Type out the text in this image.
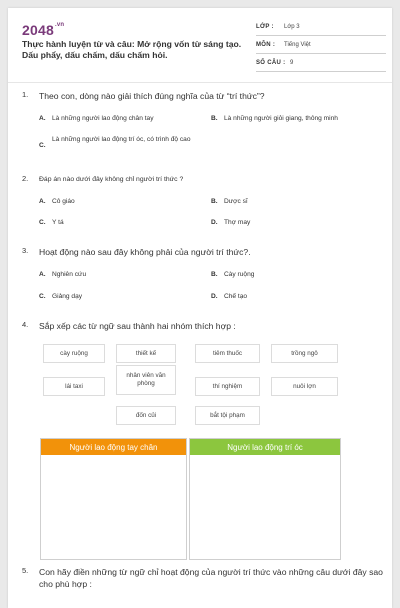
$2048^{.vn}$
Thực hành luyện từ và câu: Mở rộng vốn từ sáng tạo. Dấu phẩy, dấu chấm, dấu chấm hỏi.
LỚP : Lớp 3
MÔN : Tiếng Việt
SỐ CÂU : 9
1. Theo con, dòng nào giải thích đúng nghĩa của từ “trí thức”?
A. Là những người lao động chân tay	B. Là những người giỏi giang, thông minh
C.
Là những người lao động trí óc, có trình độ cao
2. Đáp án nào dưới đây không chỉ người trí thức ?
A. Cô giáo	B. Dược sĩ
C. Y tá	D. Thợ may
3. Hoạt động nào sau đây không phải của người trí thức?.
A. Nghiên cứu	B. Cày ruộng
C. Giảng dạy	D. Chế tạo
4. Sắp xếp các từ ngữ sau thành hai nhóm thích hợp :
cày ruộng	thiết kế	tiêm thuốc	trồng ngô
lái taxi
nhân viên văn phòng	thí nghiệm	nuôi lợn
đốn củi	bắt tội phạm
Người lao động tay chân	Người lao động trí óc
5. Con hãy điền những từ ngữ chỉ hoạt động của người trí thức vào những câu dưới đây sao cho phù hợp :
